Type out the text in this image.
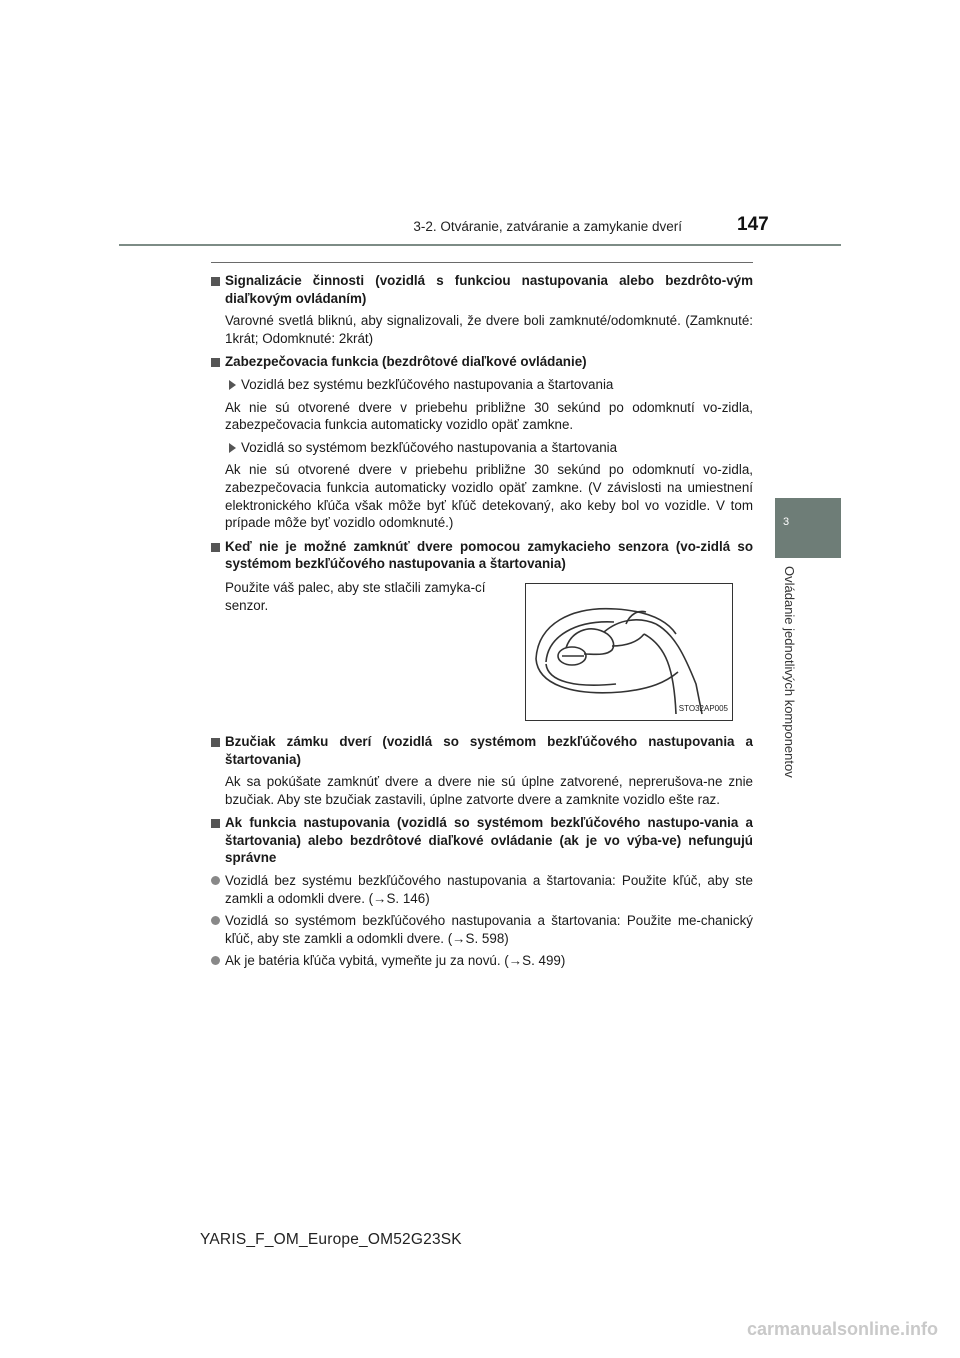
3-2. Otváranie, zatváranie a zamykanie dverí	147
3
Ovládanie jednotlivých komponentov
Signalizácie činnosti (vozidlá s funkciou nastupovania alebo bezdrôto-vým diaľkovým ovládaním)
Varovné svetlá bliknú, aby signalizovali, že dvere boli zamknuté/odomknuté. (Zamknuté: 1krát; Odomknuté: 2krát)
Zabezpečovacia funkcia (bezdrôtové diaľkové ovládanie)
Vozidlá bez systému bezkľúčového nastupovania a štartovania
Ak nie sú otvorené dvere v priebehu približne 30 sekúnd po odomknutí vo-zidla, zabezpečovacia funkcia automaticky vozidlo opäť zamkne.
Vozidlá so systémom bezkľúčového nastupovania a štartovania
Ak nie sú otvorené dvere v priebehu približne 30 sekúnd po odomknutí vo-zidla, zabezpečovacia funkcia automaticky vozidlo opäť zamkne. (V závislosti na umiestnení elektronického kľúča však môže byť kľúč detekovaný, ako keby bol vo vozidle. V tom prípade môže byť vozidlo odomknuté.)
Keď nie je možné zamknúť dvere pomocou zamykacieho senzora (vo-zidlá so systémom bezkľúčového nastupovania a štartovania)
Použite váš palec, aby ste stlačili zamyka-cí senzor.
STO32AP005
Bzučiak zámku dverí (vozidlá so systémom bezkľúčového nastupovania a štartovania)
Ak sa pokúšate zamknúť dvere a dvere nie sú úplne zatvorené, neprerušova-ne znie bzučiak. Aby ste bzučiak zastavili, úplne zatvorte dvere a zamknite vozidlo ešte raz.
Ak funkcia nastupovania (vozidlá so systémom bezkľúčového nastupo-vania a štartovania) alebo bezdrôtové diaľkové ovládanie (ak je vo výba-ve) nefungujú správne
Vozidlá bez systému bezkľúčového nastupovania a štartovania: Použite kľúč, aby ste zamkli a odomkli dvere. (→S. 146)
Vozidlá so systémom bezkľúčového nastupovania a štartovania: Použite me-chanický kľúč, aby ste zamkli a odomkli dvere. (→S. 598)
Ak je batéria kľúča vybitá, vymeňte ju za novú. (→S. 499)
YARIS_F_OM_Europe_OM52G23SK
carmanualsonline.info
